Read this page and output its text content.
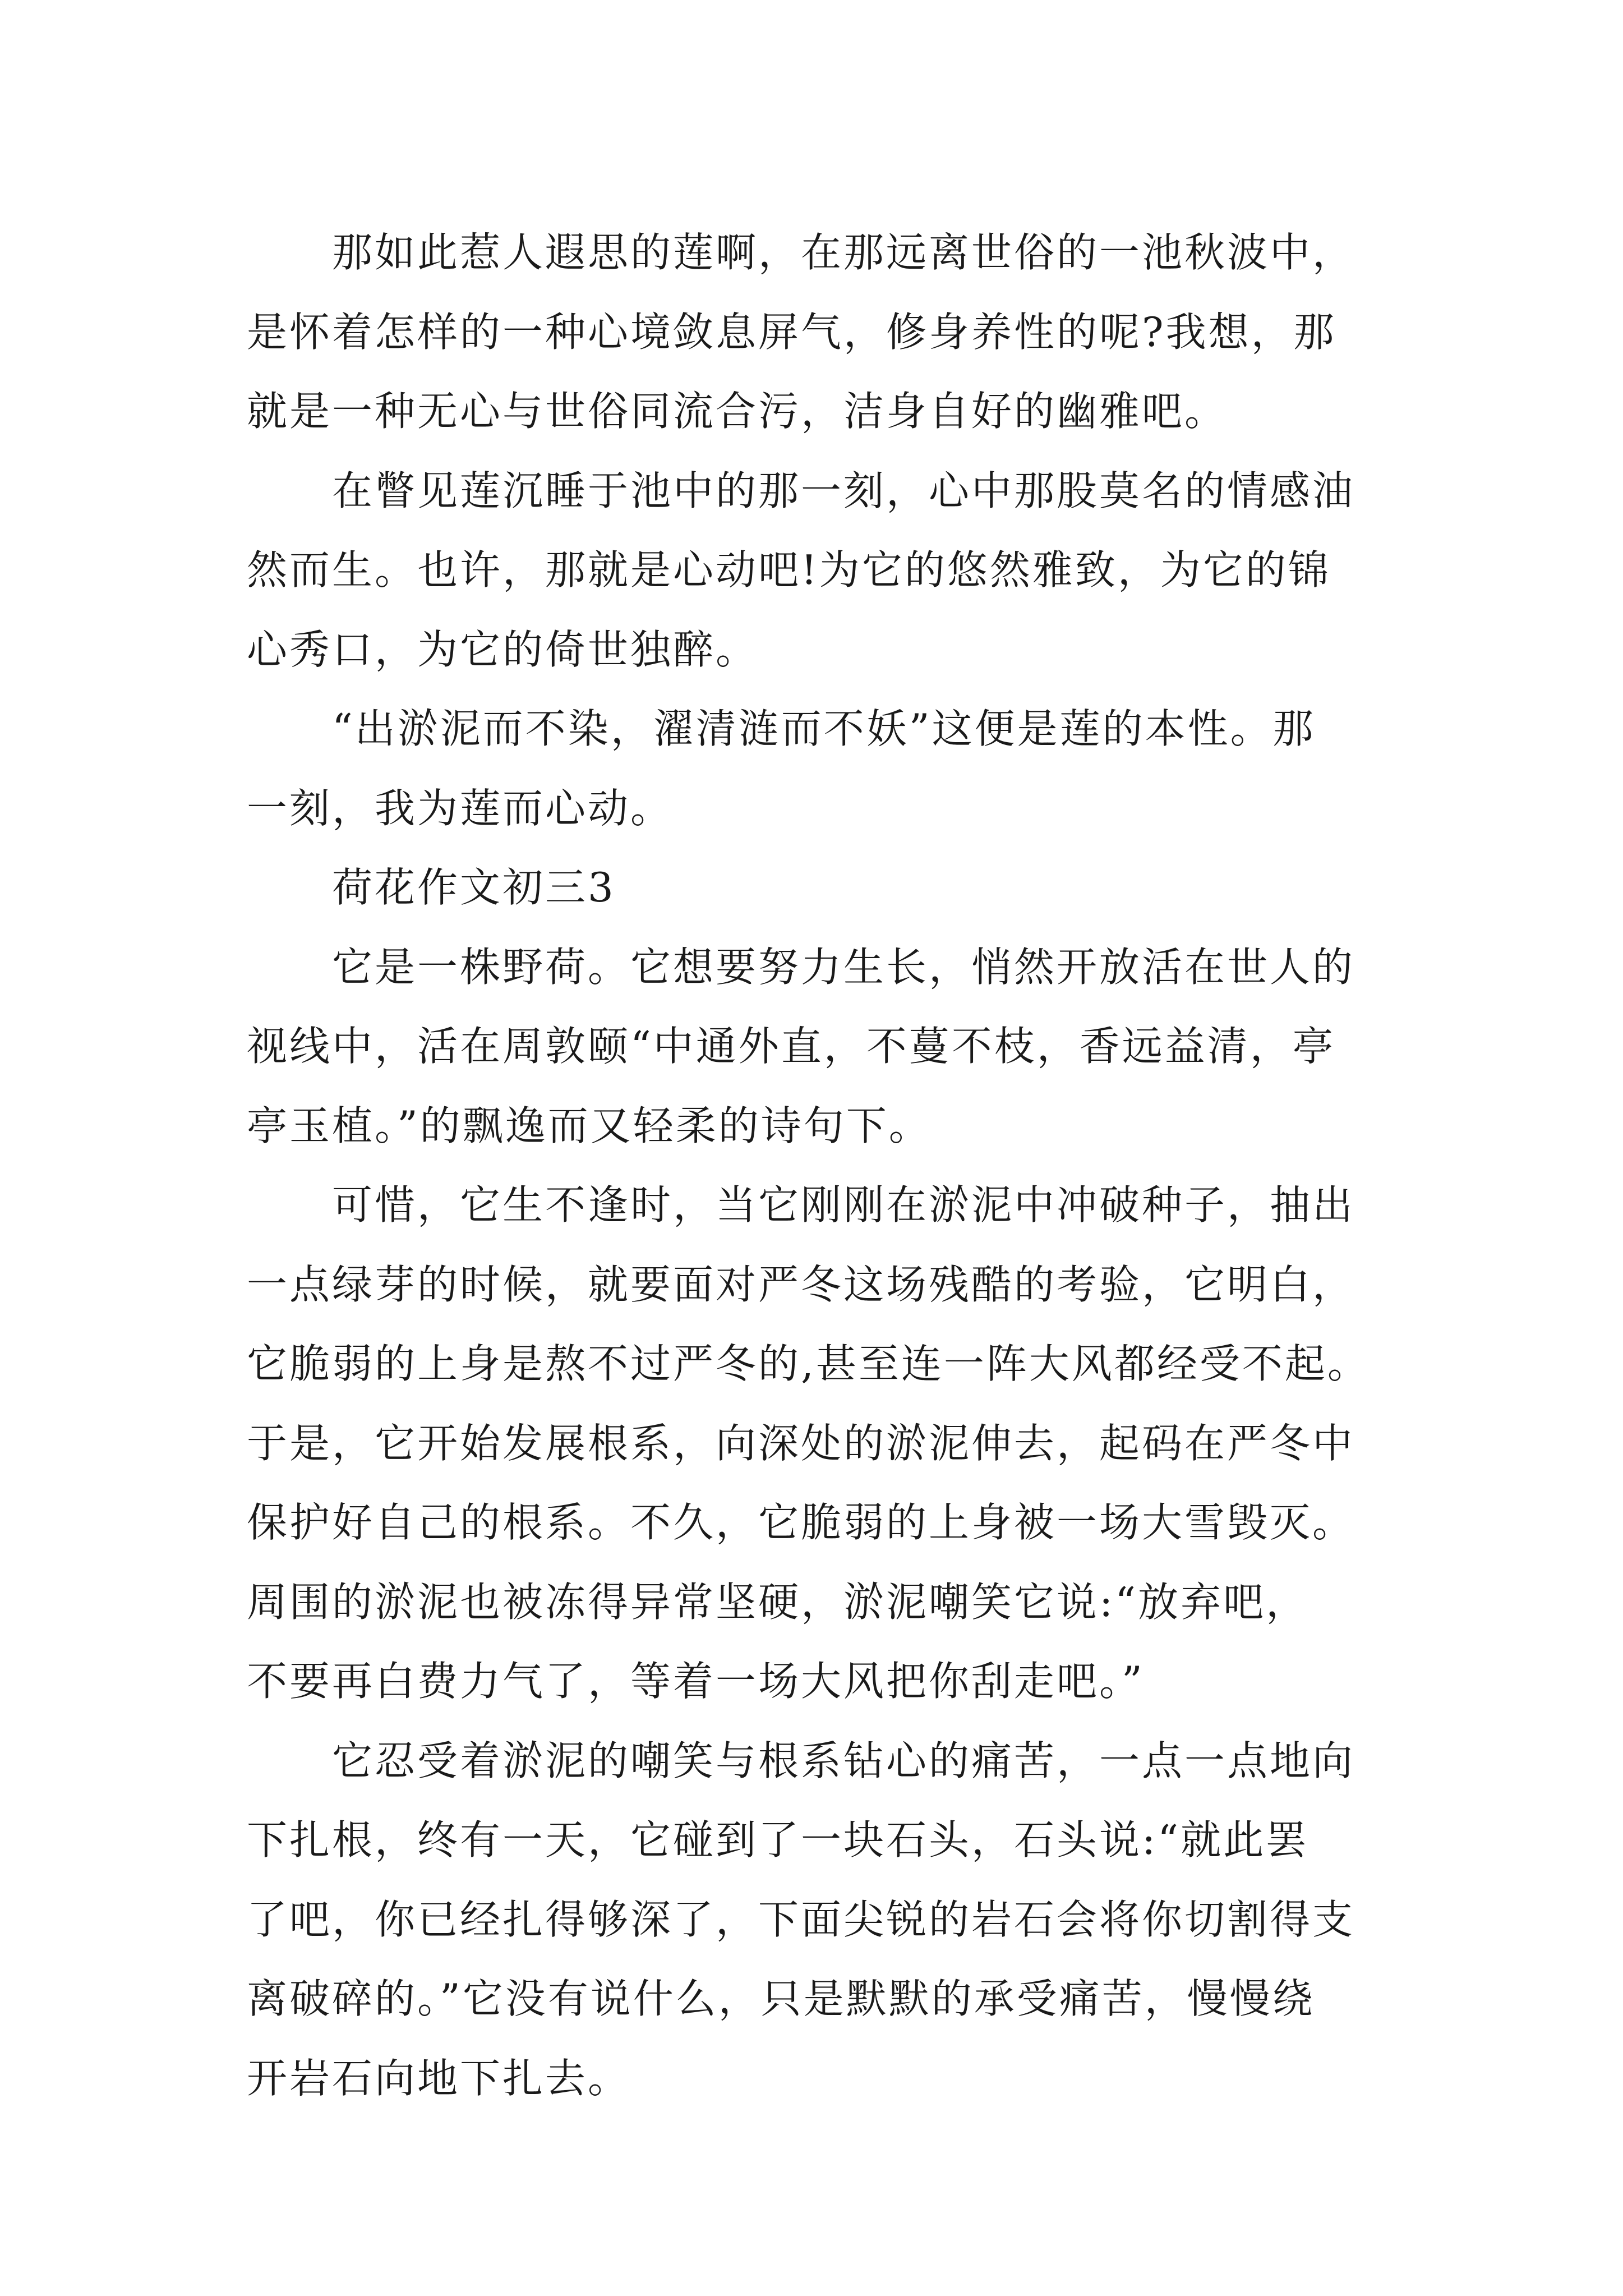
那如此惹人遐思的莲啊，在那远离世俗的一池秋波中，
是怀着怎样的一种心境敛息屏气，修身养性的呢?我想，那
就是一种无心与世俗同流合污，洁身自好的幽雅吧。

在瞥见莲沉睡于池中的那一刻，心中那股莫名的情感油
然而生。也许，那就是心动吧!为它的悠然雅致，为它的锦
心秀口，为它的倚世独醉。

“出淤泥而不染，濯清涟而不妖”这便是莲的本性。那
一刻，我为莲而心动。

荷花作文初三3

它是一株野荷。它想要努力生长，悄然开放活在世人的
视线中，活在周敦颐“中通外直，不蔓不枝，香远益清，亭
亭玉植。”的飘逸而又轻柔的诗句下。

可惜，它生不逢时，当它刚刚在淤泥中冲破种子，抽出
一点绿芽的时候，就要面对严冬这场残酷的考验，它明白，
它脆弱的上身是熬不过严冬的,甚至连一阵大风都经受不起。
于是，它开始发展根系，向深处的淤泥伸去，起码在严冬中
保护好自己的根系。不久，它脆弱的上身被一场大雪毁灭。
周围的淤泥也被冻得异常坚硬，淤泥嘲笑它说:“放弃吧，
不要再白费力气了，等着一场大风把你刮走吧。”

它忍受着淤泥的嘲笑与根系钻心的痛苦，一点一点地向
下扎根，终有一天，它碰到了一块石头，石头说:“就此罢
了吧，你已经扎得够深了，下面尖锐的岩石会将你切割得支
离破碎的。”它没有说什么，只是默默的承受痛苦，慢慢绕
开岩石向地下扎去。
